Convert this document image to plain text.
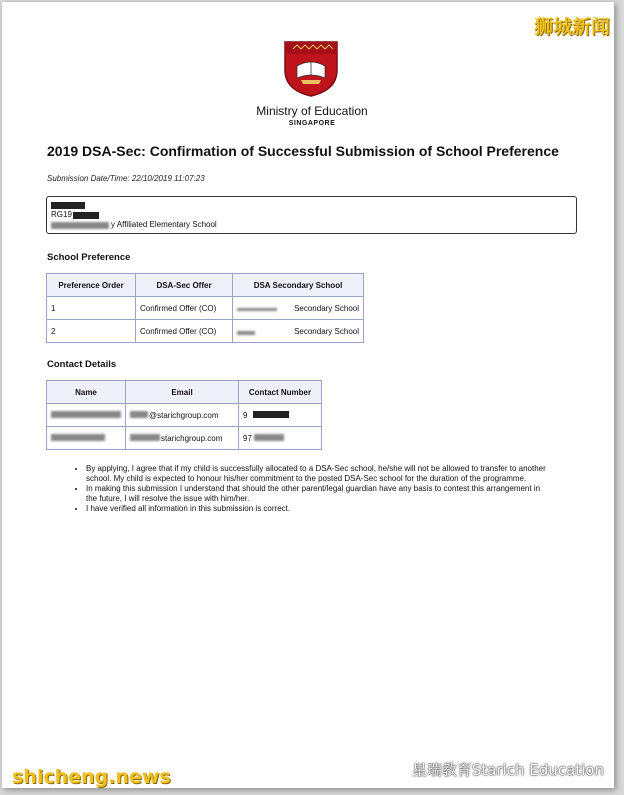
狮城新闻
Ministry of Education
SINGAPORE
2019 DSA-Sec: Confirmation of Successful Submission of School Preference
Submission Date/Time: 22/10/2019 11:07:23
RG19
y Affiliated Elementary School
School Preference
Preference Order	DSA-Sec Offer	DSA Secondary School
1	Confirmed Offer (CO)	Secondary School
2	Confirmed Offer (CO)	Secondary School
Contact Details
Name	Email	Contact Number
	@starichgroup.com	9
	starichgroup.com	97
• By applying, I agree that if my child is successfully allocated to a DSA-Sec school, he/she will not be allowed to transfer to another school. My child is expected to honour his/her commitment to the posted DSA-Sec school for the duration of the programme.
• In making this submission I understand that should the other parent/legal guardian have any basis to contest this arrangement in the future, I will resolve the issue with him/her.
• I have verified all information in this submission is correct.
shicheng.news	星瑞教育Starich Education
